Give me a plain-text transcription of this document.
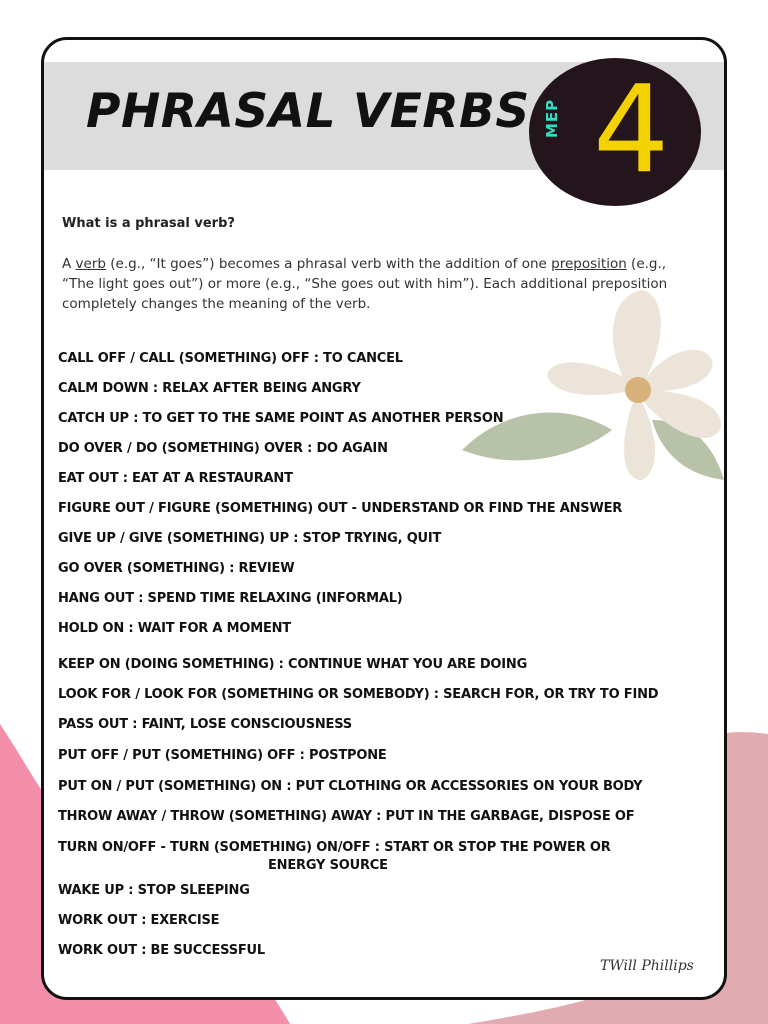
PHRASAL VERBS MEP 4

What is a phrasal verb?

A verb (e.g., “It goes”) becomes a phrasal verb with the addition of one preposition (e.g., “The light goes out”) or more (e.g., “She goes out with him”). Each additional preposition completely changes the meaning of the verb.

CALL OFF / CALL (SOMETHING) OFF : TO CANCEL

CALM DOWN : RELAX AFTER BEING ANGRY

CATCH UP : TO GET TO THE SAME POINT AS ANOTHER PERSON

DO OVER / DO (SOMETHING) OVER : DO AGAIN

EAT OUT : EAT AT A RESTAURANT

FIGURE OUT / FIGURE (SOMETHING) OUT - UNDERSTAND OR FIND THE ANSWER

GIVE UP / GIVE (SOMETHING) UP : STOP TRYING, QUIT

GO OVER (SOMETHING) : REVIEW

HANG OUT : SPEND TIME RELAXING (INFORMAL)

HOLD ON : WAIT FOR A MOMENT

KEEP ON (DOING SOMETHING) : CONTINUE WHAT YOU ARE DOING

LOOK FOR / LOOK FOR (SOMETHING OR SOMEBODY) : SEARCH FOR, OR TRY TO FIND

PASS OUT : FAINT, LOSE CONSCIOUSNESS

PUT OFF / PUT (SOMETHING) OFF : POSTPONE

PUT ON / PUT (SOMETHING) ON : PUT CLOTHING OR ACCESSORIES ON YOUR BODY

THROW AWAY / THROW (SOMETHING) AWAY : PUT IN THE GARBAGE, DISPOSE OF

TURN ON/OFF - TURN (SOMETHING) ON/OFF : START OR STOP THE POWER OR
ENERGY SOURCE

WAKE UP : STOP SLEEPING

WORK OUT : EXERCISE

WORK OUT : BE SUCCESSFUL

TWill Phillips
